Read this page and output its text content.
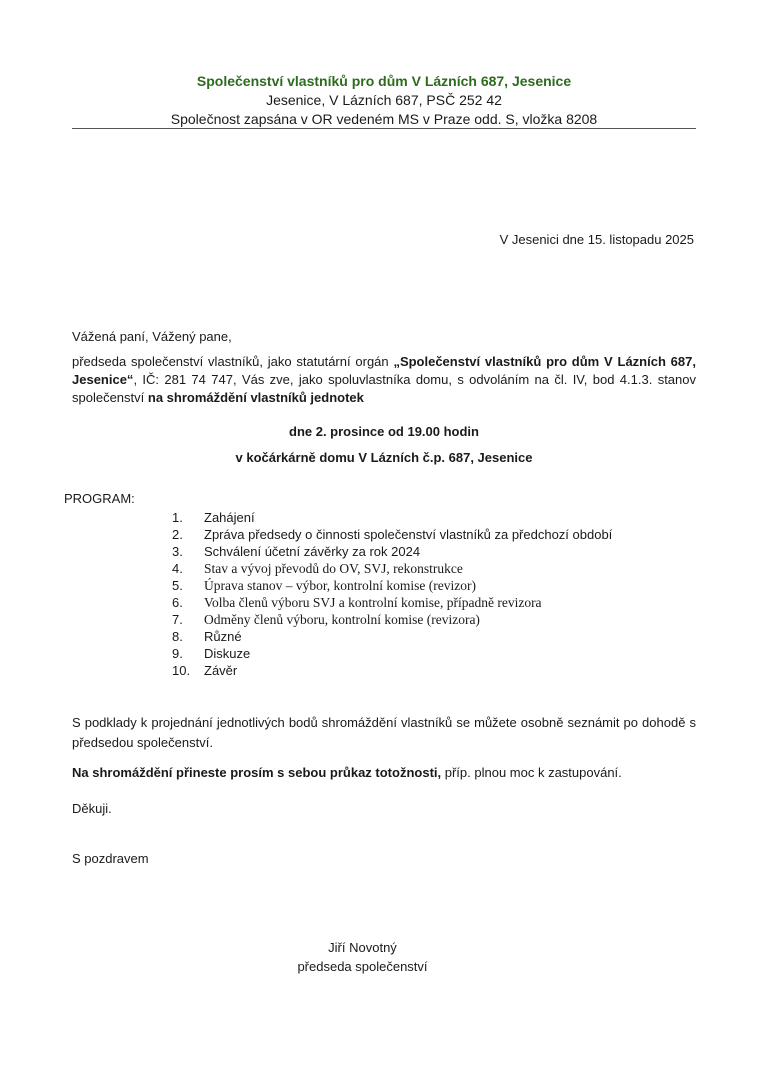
Společenství vlastníků pro dům V Lázních 687, Jesenice
Jesenice, V Lázních 687, PSČ 252 42
Společnost zapsána v OR vedeném MS v Praze odd. S, vložka 8208
V Jesenici dne 15. listopadu 2025
Vážená paní, Vážený pane,
předseda společenství vlastníků, jako statutární orgán „Společenství vlastníků pro dům V Lázních 687, Jesenice“, IČ: 281 74 747, Vás zve, jako spoluvlastníka domu, s odvoláním na čl. IV, bod 4.1.3. stanov společenství na shromáždění vlastníků jednotek
dne 2. prosince od 19.00 hodin
v kočárkárně domu V Lázních č.p. 687, Jesenice
PROGRAM:
1. Zahájení
2. Zpráva předsedy o činnosti společenství vlastníků za předchozí období
3. Schválení účetní závěrky za rok 2024
4. Stav a vývoj převodů do OV, SVJ, rekonstrukce
5. Úprava stanov – výbor, kontrolní komise (revizor)
6. Volba členů výboru SVJ a kontrolní komise, případně revizora
7. Odměny členů výboru, kontrolní komise (revizora)
8. Různé
9. Diskuze
10. Závěr
S podklady k projednání jednotlivých bodů shromáždění vlastníků se můžete osobně seznámit po dohodě s předsedou společenství.
Na shromáždění přineste prosím s sebou průkaz totožnosti, příp. plnou moc k zastupování.
Děkuji.
S pozdravem
Jiří Novotný
předseda společenství
